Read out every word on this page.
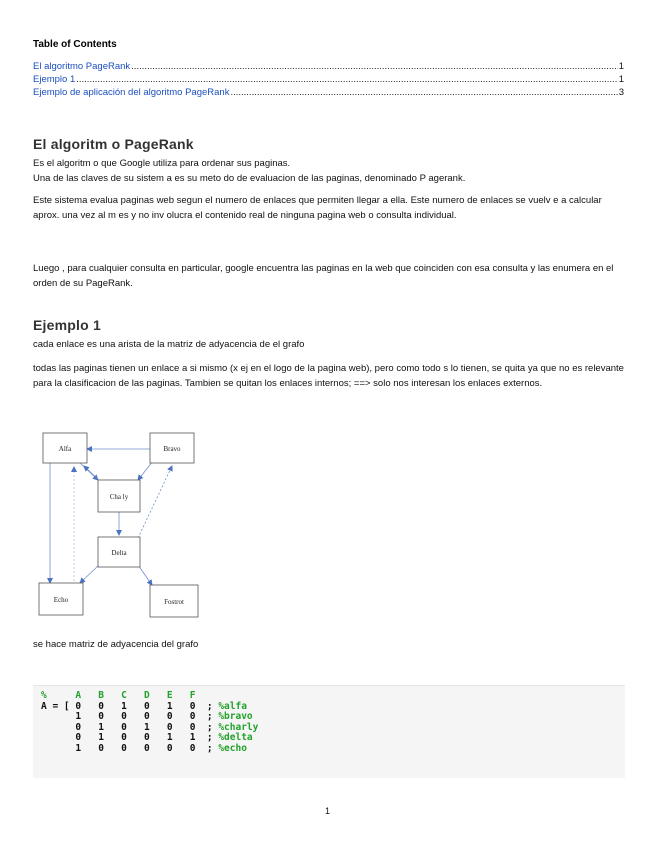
Table of Contents
El algoritmo PageRank .....	1
Ejemplo 1 .....	1
Ejemplo de aplicación del algoritmo PageRank .....	3
El algoritm o PageRank

Es el algoritm o que Google utiliza para ordenar sus paginas.

Una de las claves de su sistem a es su meto do de evaluacion de las paginas, denominado P agerank.

Este sistema evalua paginas web segun el numero de enlaces que permiten llegar a ella. Este numero de enlaces se vuelv e a calcular aprox. una vez al m es y no inv olucra el contenido real de ninguna pagina web o consulta individual.

Luego , para cualquier consulta en particular, google encuentra las paginas en la web que coinciden con esa consulta y las enumera en el orden de su PageRank.

Ejemplo 1

cada enlace es una arista de la matriz de adyacencia de el grafo

todas las paginas tienen un enlace a si mismo (x ej en el logo de la pagina web), pero como todo s lo tienen, se quita ya que no es relevante para la clasificacion de las paginas. Tambien se quitan los enlaces internos; ==> solo nos interesan los enlaces externos.

Alfa	Bravo
Cha ly
Delta
Echo	Fostrot

se hace matriz de adyacencia del grafo

%     A   B   C   D   E   F
A = [ 0   0   1   0   1   0  ; %alfa
1   0   0   0   0   0  ; %bravo
0   1   0   1   0   0  ; %charly
0   1   0   0   1   1  ; %delta
1   0   0   0   0   0  ; %echo
1
